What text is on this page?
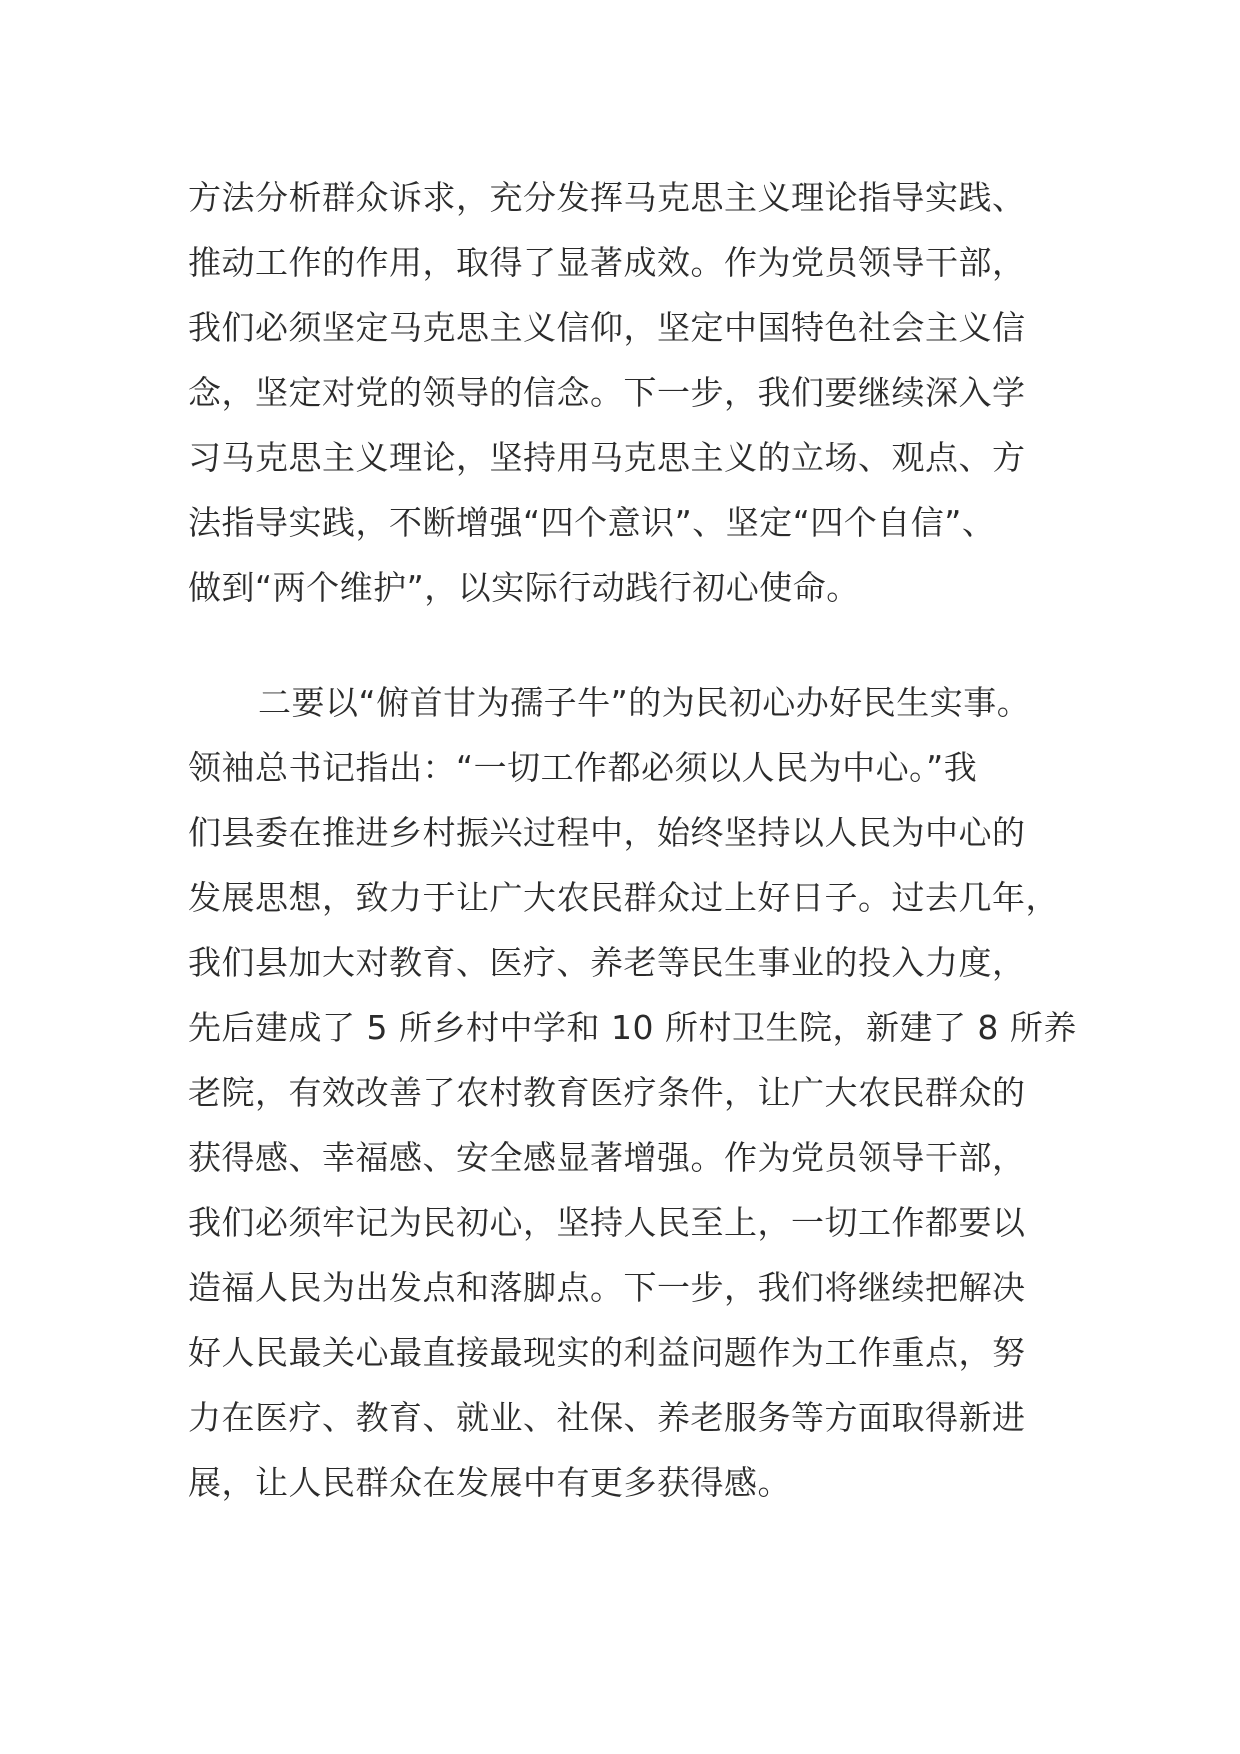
方法分析群众诉求，充分发挥马克思主义理论指导实践、
推动工作的作用，取得了显著成效。作为党员领导干部，
我们必须坚定马克思主义信仰，坚定中国特色社会主义信
念，坚定对党的领导的信念。下一步，我们要继续深入学
习马克思主义理论，坚持用马克思主义的立场、观点、方
法指导实践，不断增强“四个意识”、坚定“四个自信”、
做到“两个维护”，以实际行动践行初心使命。
二要以“俯首甘为孺子牛”的为民初心办好民生实事。
领袖总书记指出：“一切工作都必须以人民为中心。”我
们县委在推进乡村振兴过程中，始终坚持以人民为中心的
发展思想，致力于让广大农民群众过上好日子。过去几年，
我们县加大对教育、医疗、养老等民生事业的投入力度，
先后建成了 5 所乡村中学和 10 所村卫生院，新建了 8 所养
老院，有效改善了农村教育医疗条件，让广大农民群众的
获得感、幸福感、安全感显著增强。作为党员领导干部，
我们必须牢记为民初心，坚持人民至上，一切工作都要以
造福人民为出发点和落脚点。下一步，我们将继续把解决
好人民最关心最直接最现实的利益问题作为工作重点，努
力在医疗、教育、就业、社保、养老服务等方面取得新进
展，让人民群众在发展中有更多获得感。
